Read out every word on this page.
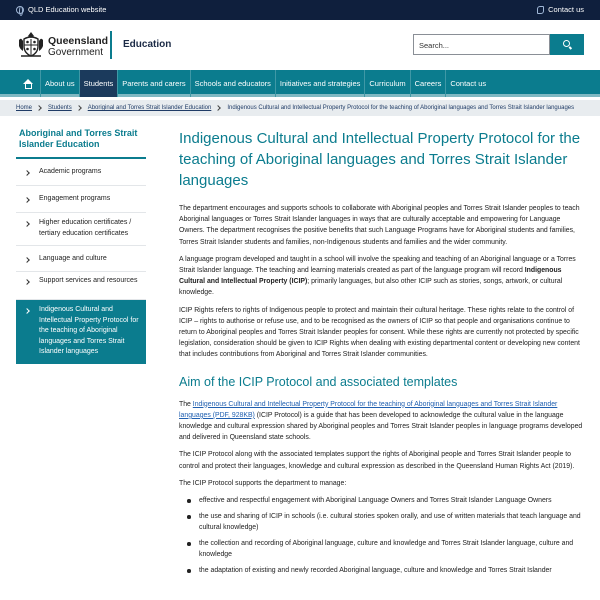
QLD Education website	Contact us
Queensland
Government
Education	Search...
About us	Students	Parents and carers	Schools and educators	Initiatives and strategies	Curriculum	Careers	Contact us
Home	Students	Aboriginal and Torres Strait Islander Education	Indigenous Cultural and Intellectual Property Protocol for the teaching of Aboriginal languages and Torres Strait Islander languages
Aboriginal and Torres Strait Islander Education
Academic programs
Engagement programs
Higher education certificates / tertiary education certificates
Language and culture
Support services and resources
Indigenous Cultural and Intellectual Property Protocol for the teaching of Aboriginal languages and Torres Strait Islander languages
Indigenous Cultural and Intellectual Property Protocol for the teaching of Aboriginal languages and Torres Strait Islander languages

The department encourages and supports schools to collaborate with Aboriginal peoples and Torres Strait Islander peoples to teach Aboriginal languages or Torres Strait Islander languages in ways that are culturally acceptable and empowering for Language Owners. The department recognises the positive benefits that such Language Programs have for Aboriginal students and families, Torres Strait Islander students and families, non-Indigenous students and families and the wider community.

A language program developed and taught in a school will involve the speaking and teaching of an Aboriginal language or a Torres Strait Islander language. The teaching and learning materials created as part of the language program will record Indigenous Cultural and Intellectual Property (ICIP); primarily languages, but also other ICIP such as stories, songs, artwork, or cultural knowledge.

ICIP Rights refers to rights of Indigenous people to protect and maintain their cultural heritage. These rights relate to the control of ICIP – rights to authorise or refuse use, and to be recognised as the owners of ICIP so that people and organisations continue to return to Aboriginal peoples and Torres Strait Islander peoples for consent. While these rights are currently not protected by specific legislation, consideration should be given to ICIP Rights when dealing with existing departmental content or developing new content that includes contributions from Aboriginal and Torres Strait Islander communities.

Aim of the ICIP Protocol and associated templates

The Indigenous Cultural and Intellectual Property Protocol for the teaching of Aboriginal languages and Torres Strait Islander languages (PDF, 928KB) (ICIP Protocol) is a guide that has been developed to acknowledge the cultural value in the language knowledge and cultural expression shared by Aboriginal peoples and Torres Strait Islander peoples in language programs developed and delivered in Queensland state schools.

The ICIP Protocol along with the associated templates support the rights of Aboriginal people and Torres Strait Islander people to control and protect their languages, knowledge and cultural expression as described in the Queensland Human Rights Act (2019).

The ICIP Protocol supports the department to manage:

effective and respectful engagement with Aboriginal Language Owners and Torres Strait Islander Language Owners
the use and sharing of ICIP in schools (i.e. cultural stories spoken orally, and use of written materials that teach language and cultural knowledge)
the collection and recording of Aboriginal language, culture and knowledge and Torres Strait Islander language, culture and knowledge
the adaptation of existing and newly recorded Aboriginal language, culture and knowledge and Torres Strait Islander
